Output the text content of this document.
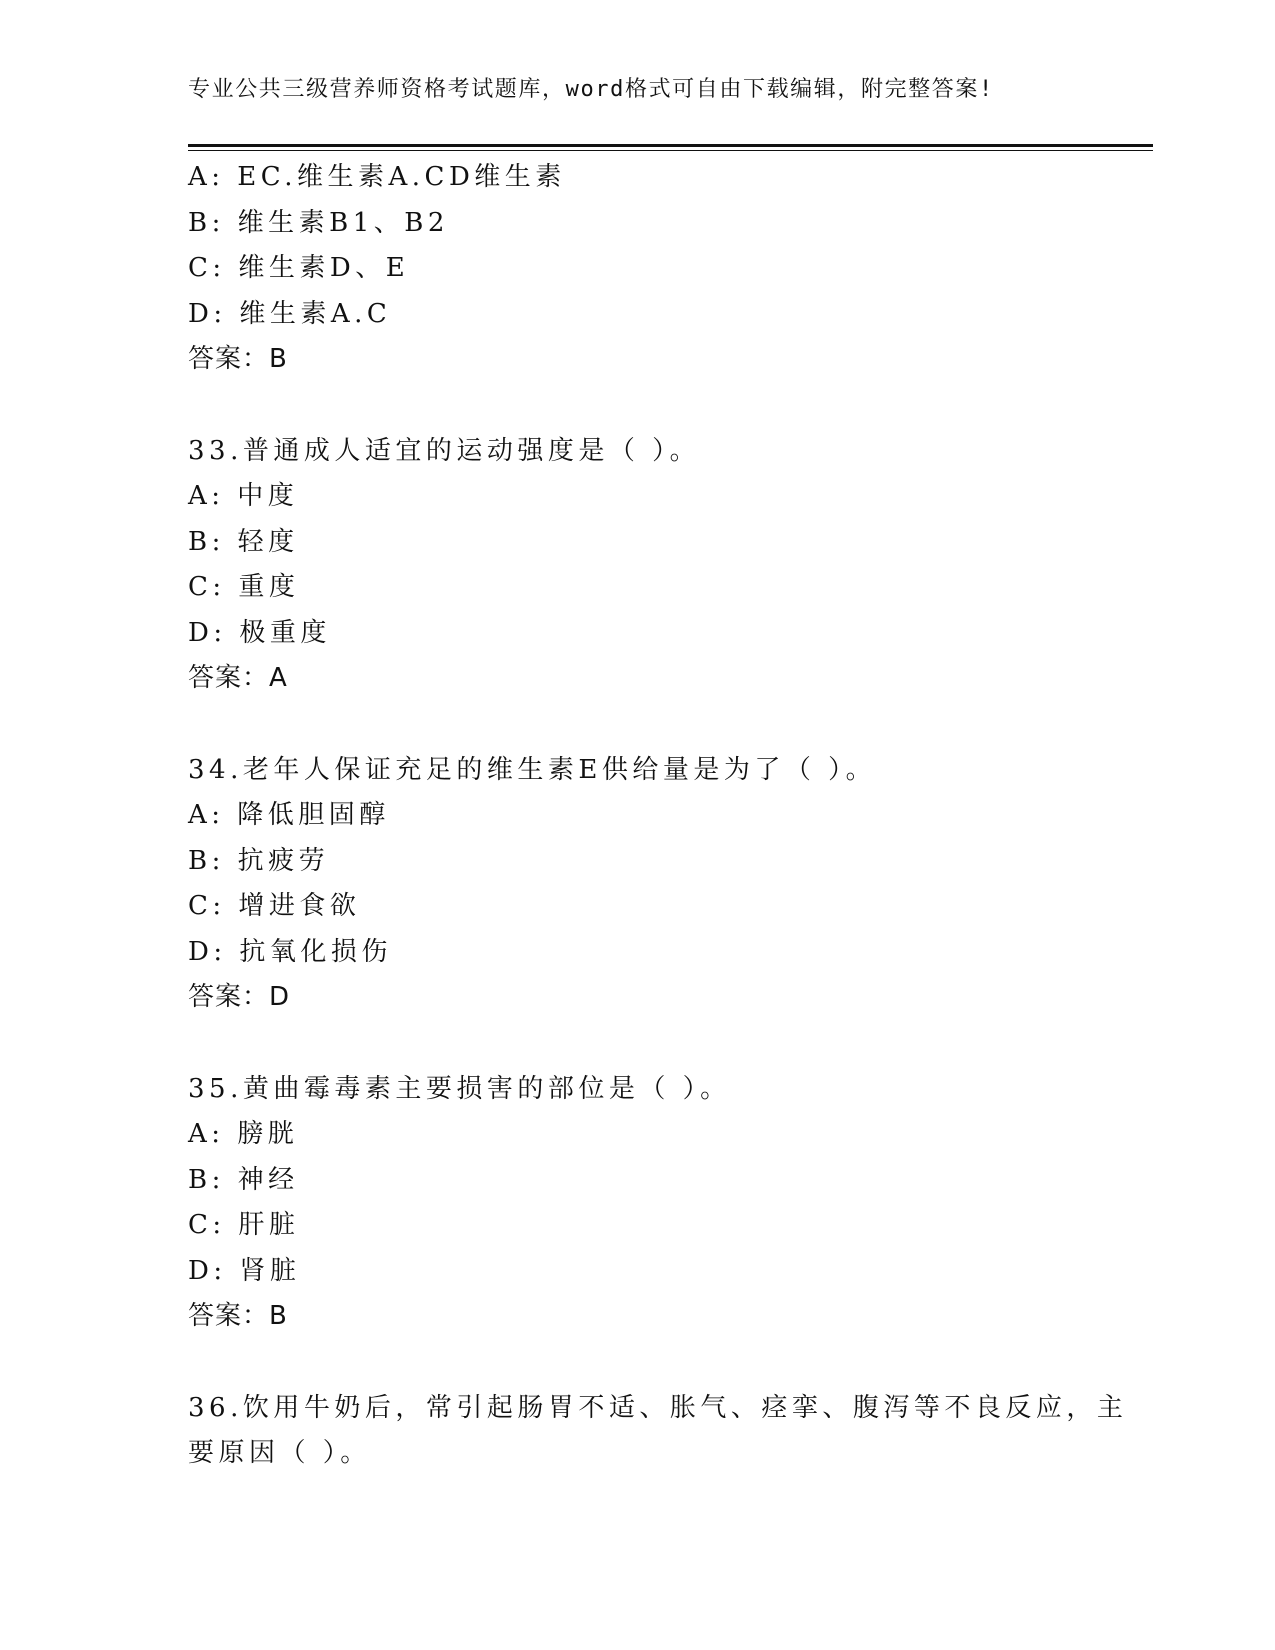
专业公共三级营养师资格考试题库，word格式可自由下载编辑，附完整答案!
A: EC.维生素A.CD维生素
B: 维生素B1、B2
C: 维生素D、E
D: 维生素A.C
答案：B
33.普通成人适宜的运动强度是（ ）。
A: 中度
B: 轻度
C: 重度
D: 极重度
答案：A
34.老年人保证充足的维生素E供给量是为了（ ）。
A: 降低胆固醇
B: 抗疲劳
C: 增进食欲
D: 抗氧化损伤
答案：D
35.黄曲霉毒素主要损害的部位是（ ）。
A: 膀胱
B: 神经
C: 肝脏
D: 肾脏
答案：B
36.饮用牛奶后，常引起肠胃不适、胀气、痉挛、腹泻等不良反应，主
要原因（ ）。
